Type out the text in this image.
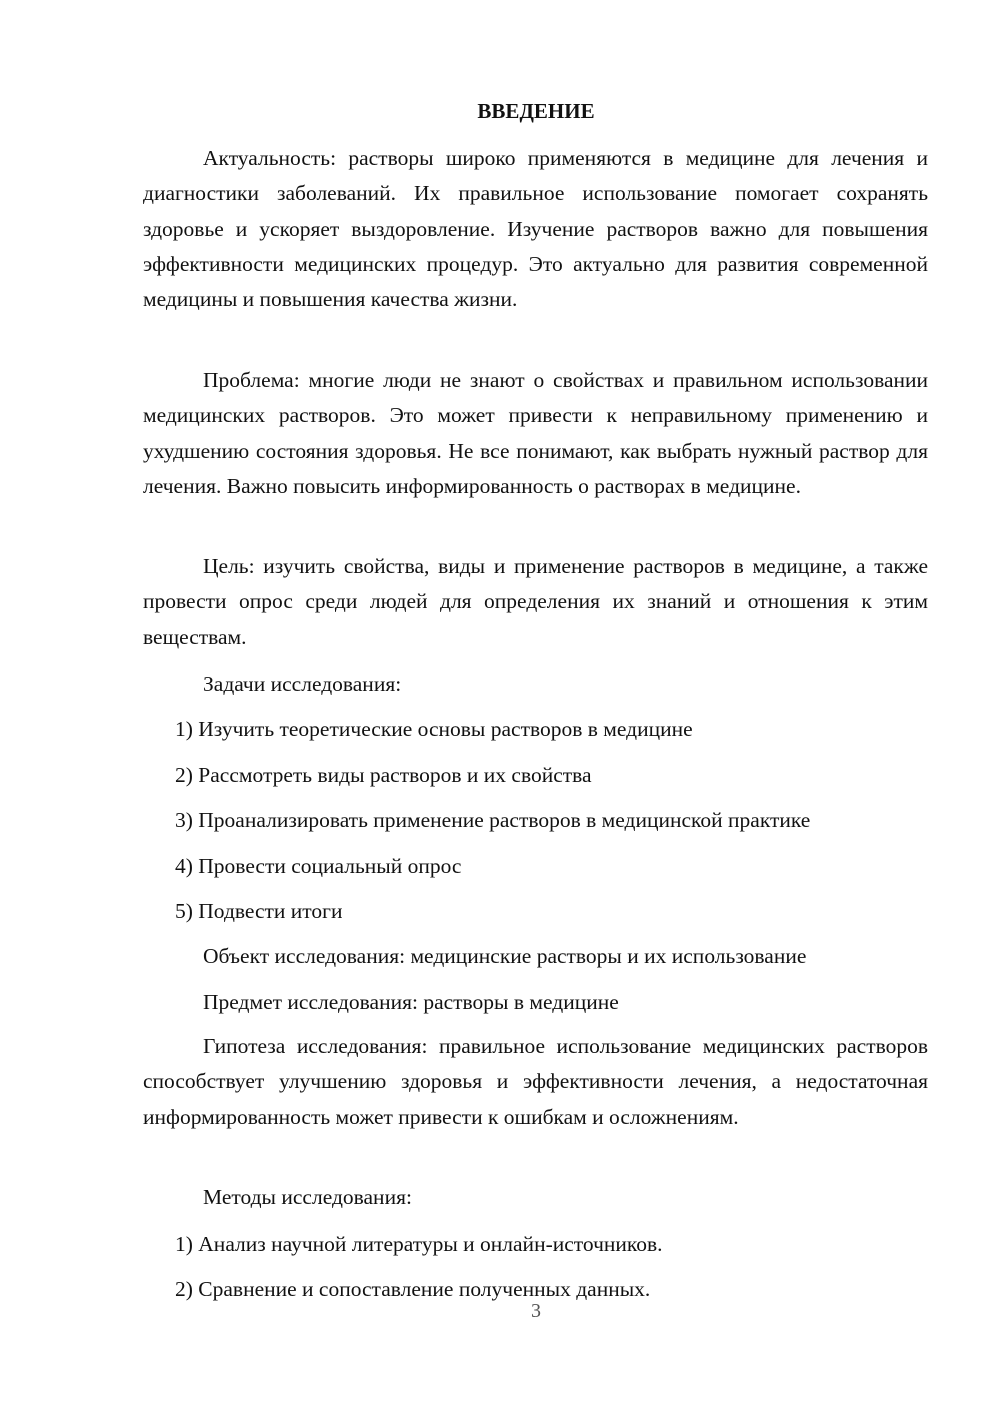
ВВЕДЕНИЕ
Актуальность: растворы широко применяются в медицине для лечения и диагностики заболеваний. Их правильное использование помогает сохранять здоровье и ускоряет выздоровление. Изучение растворов важно для повышения эффективности медицинских процедур. Это актуально для развития современной медицины и повышения качества жизни.
Проблема: многие люди не знают о свойствах и правильном использовании медицинских растворов. Это может привести к неправильному применению и ухудшению состояния здоровья. Не все понимают, как выбрать нужный раствор для лечения. Важно повысить информированность о растворах в медицине.
Цель: изучить свойства, виды и применение растворов в медицине, а также провести опрос среди людей для определения их знаний и отношения к этим веществам.
Задачи исследования:
1) Изучить теоретические основы растворов в медицине
2) Рассмотреть виды растворов и их свойства
3) Проанализировать применение растворов в медицинской практике
4) Провести социальный опрос
5) Подвести итоги
Объект исследования: медицинские растворы и их использование
Предмет исследования: растворы в медицине
Гипотеза исследования: правильное использование медицинских растворов способствует улучшению здоровья и эффективности лечения, а недостаточная информированность может привести к ошибкам и осложнениям.
Методы исследования:
1) Анализ научной литературы и онлайн-источников.
2) Сравнение и сопоставление полученных данных.
3
